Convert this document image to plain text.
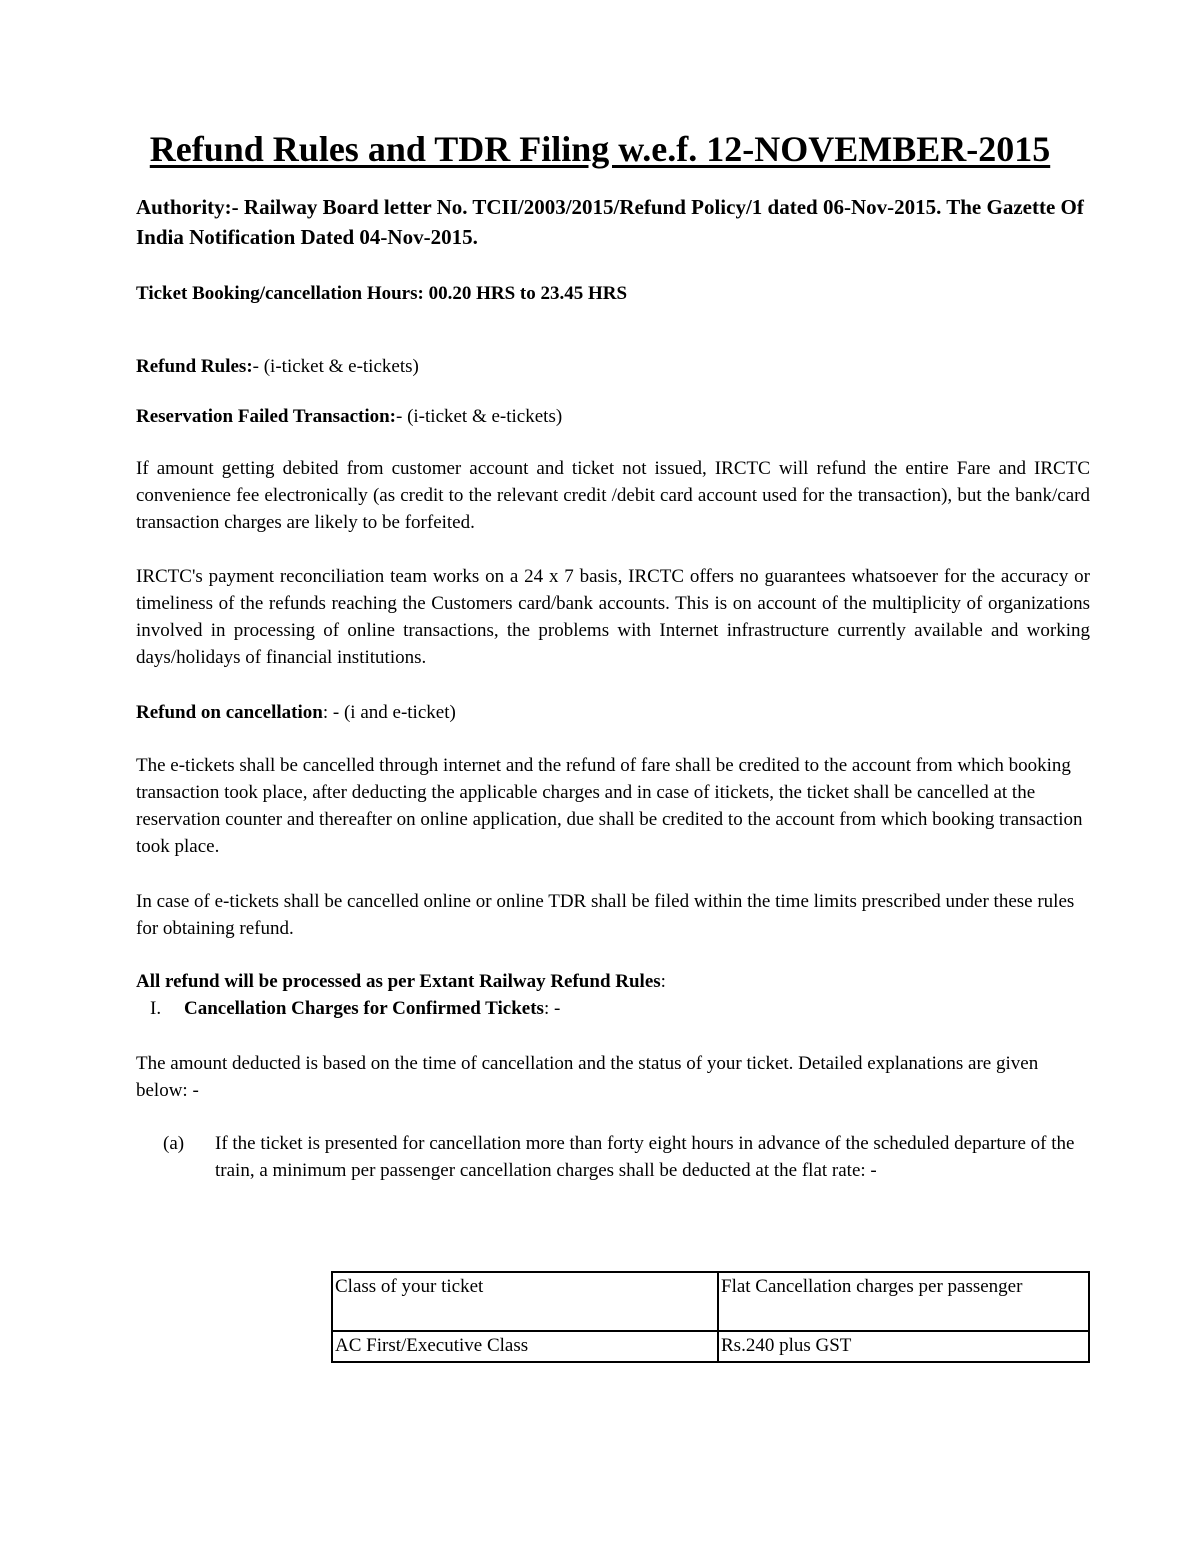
Refund Rules and TDR Filing w.e.f. 12-NOVEMBER-2015
Authority:- Railway Board letter No. TCII/2003/2015/Refund Policy/1 dated 06-Nov-2015. The Gazette Of India Notification Dated 04-Nov-2015.
Ticket Booking/cancellation Hours: 00.20 HRS to 23.45 HRS
Refund Rules:- (i-ticket & e-tickets)
Reservation Failed Transaction:- (i-ticket & e-tickets)
If amount getting debited from customer account and ticket not issued, IRCTC will refund the entire Fare and IRCTC convenience fee electronically (as credit to the relevant credit /debit card account used for the transaction), but the bank/card transaction charges are likely to be forfeited.
IRCTC's payment reconciliation team works on a 24 x 7 basis, IRCTC offers no guarantees whatsoever for the accuracy or timeliness of the refunds reaching the Customers card/bank accounts. This is on account of the multiplicity of organizations involved in processing of online transactions, the problems with Internet infrastructure currently available and working days/holidays of financial institutions.
Refund on cancellation: - (i and e-ticket)
The e-tickets shall be cancelled through internet and the refund of fare shall be credited to the account from which booking transaction took place, after deducting the applicable charges and in case of itickets, the ticket shall be cancelled at the reservation counter and thereafter on online application, due shall be credited to the account from which booking transaction took place.
In case of e-tickets shall be cancelled online or online TDR shall be filed within the time limits prescribed under these rules for obtaining refund.
All refund will be processed as per Extant Railway Refund Rules:
I. Cancellation Charges for Confirmed Tickets: -
The amount deducted is based on the time of cancellation and the status of your ticket. Detailed explanations are given below: -
(a) If the ticket is presented for cancellation more than forty eight hours in advance of the scheduled departure of the train, a minimum per passenger cancellation charges shall be deducted at the flat rate: -
Class of your ticket	Flat Cancellation charges per passenger
AC First/Executive Class	Rs.240 plus GST
